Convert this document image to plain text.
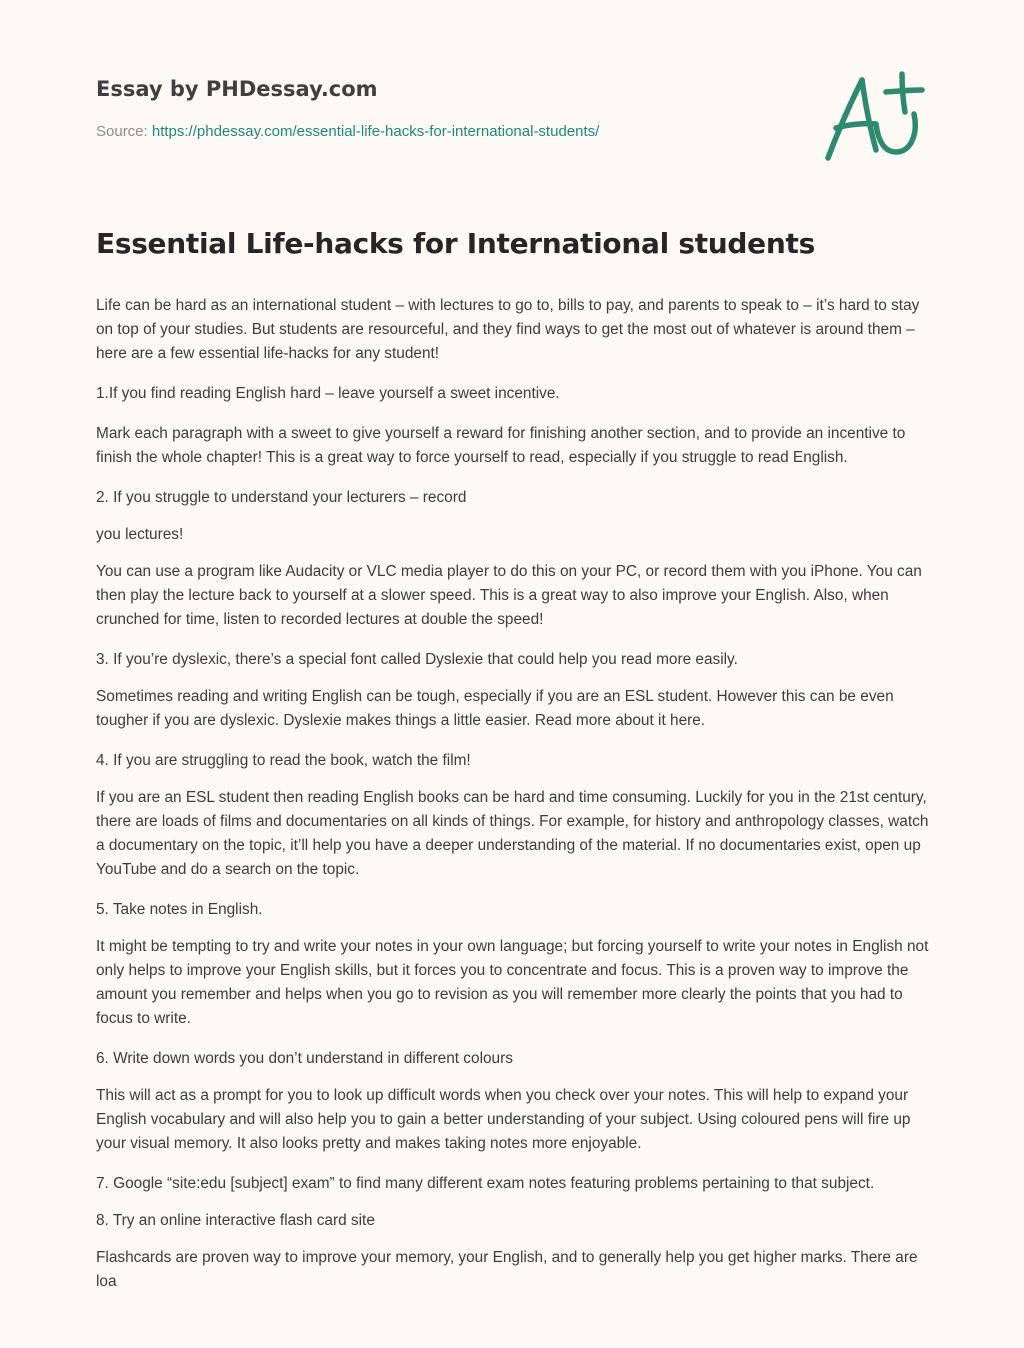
Essay by PHDessay.com
Source: https://phdessay.com/essential-life-hacks-for-international-students/
Essential Life-hacks for International students

Life can be hard as an international student – with lectures to go to, bills to pay, and parents to speak to – it’s hard to stay on top of your studies. But students are resourceful, and they find ways to get the most out of whatever is around them – here are a few essential life-hacks for any student!

1.If you find reading English hard – leave yourself a sweet incentive.

Mark each paragraph with a sweet to give yourself a reward for finishing another section, and to provide an incentive to finish the whole chapter! This is a great way to force yourself to read, especially if you struggle to read English.

2. If you struggle to understand your lecturers – record

you lectures!

You can use a program like Audacity or VLC media player to do this on your PC, or record them with you iPhone. You can then play the lecture back to yourself at a slower speed. This is a great way to also improve your English. Also, when crunched for time, listen to recorded lectures at double the speed!

3. If you’re dyslexic, there’s a special font called Dyslexie that could help you read more easily.

Sometimes reading and writing English can be tough, especially if you are an ESL student. However this can be even tougher if you are dyslexic. Dyslexie makes things a little easier. Read more about it here.

4. If you are struggling to read the book, watch the film!

If you are an ESL student then reading English books can be hard and time consuming. Luckily for you in the 21st century, there are loads of films and documentaries on all kinds of things. For example, for history and anthropology classes, watch a documentary on the topic, it’ll help you have a deeper understanding of the material. If no documentaries exist, open up YouTube and do a search on the topic.

5. Take notes in English.

It might be tempting to try and write your notes in your own language; but forcing yourself to write your notes in English not only helps to improve your English skills, but it forces you to concentrate and focus. This is a proven way to improve the amount you remember and helps when you go to revision as you will remember more clearly the points that you had to focus to write.

6. Write down words you don’t understand in different colours

This will act as a prompt for you to look up difficult words when you check over your notes. This will help to expand your English vocabulary and will also help you to gain a better understanding of your subject. Using coloured pens will fire up your visual memory. It also looks pretty and makes taking notes more enjoyable.

7. Google “site:edu [subject] exam” to find many different exam notes featuring problems pertaining to that subject.

8. Try an online interactive flash card site

Flashcards are proven way to improve your memory, your English, and to generally help you get higher marks. There are loa
